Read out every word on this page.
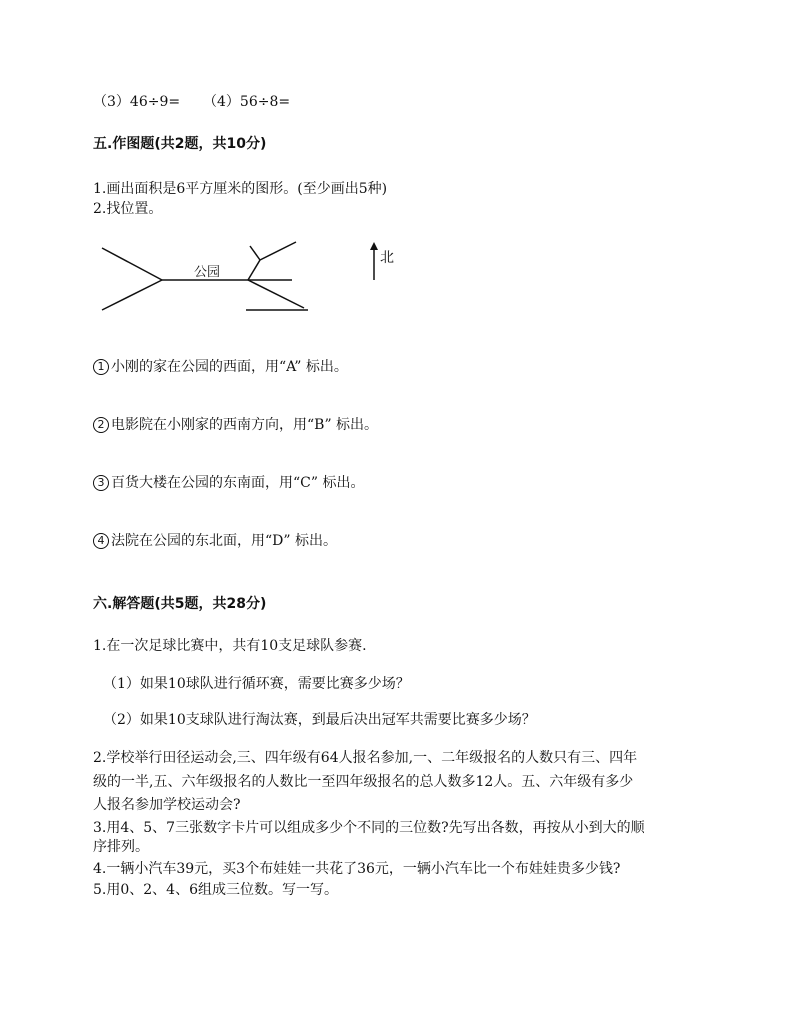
（3）46÷9= （4）56÷8=
五.作图题(共2题，共10分)
1.画出面积是6平方厘米的图形。(至少画出5种)
2.找位置。
公园
北
1 小刚的家在公园的西面，用“A” 标出。
2 电影院在小刚家的西南方向，用“B” 标出。
3 百货大楼在公园的东南面，用“C” 标出。
4 法院在公园的东北面，用“D” 标出。
六.解答题(共5题，共28分)
1.在一次足球比赛中，共有10支足球队参赛.
（1）如果10球队进行循环赛，需要比赛多少场？
（2）如果10支球队进行淘汰赛，到最后决出冠军共需要比赛多少场？
2.学校举行田径运动会,三、四年级有64人报名参加,一、二年级报名的人数只有三、四年
级的一半,五、六年级报名的人数比一至四年级报名的总人数多12人。五、六年级有多少
人报名参加学校运动会?
3.用4、5、7三张数字卡片可以组成多少个不同的三位数?先写出各数，再按从小到大的顺
序排列。
4.一辆小汽车39元，买3个布娃娃一共花了36元，一辆小汽车比一个布娃娃贵多少钱?
5.用0、2、4、6组成三位数。写一写。
